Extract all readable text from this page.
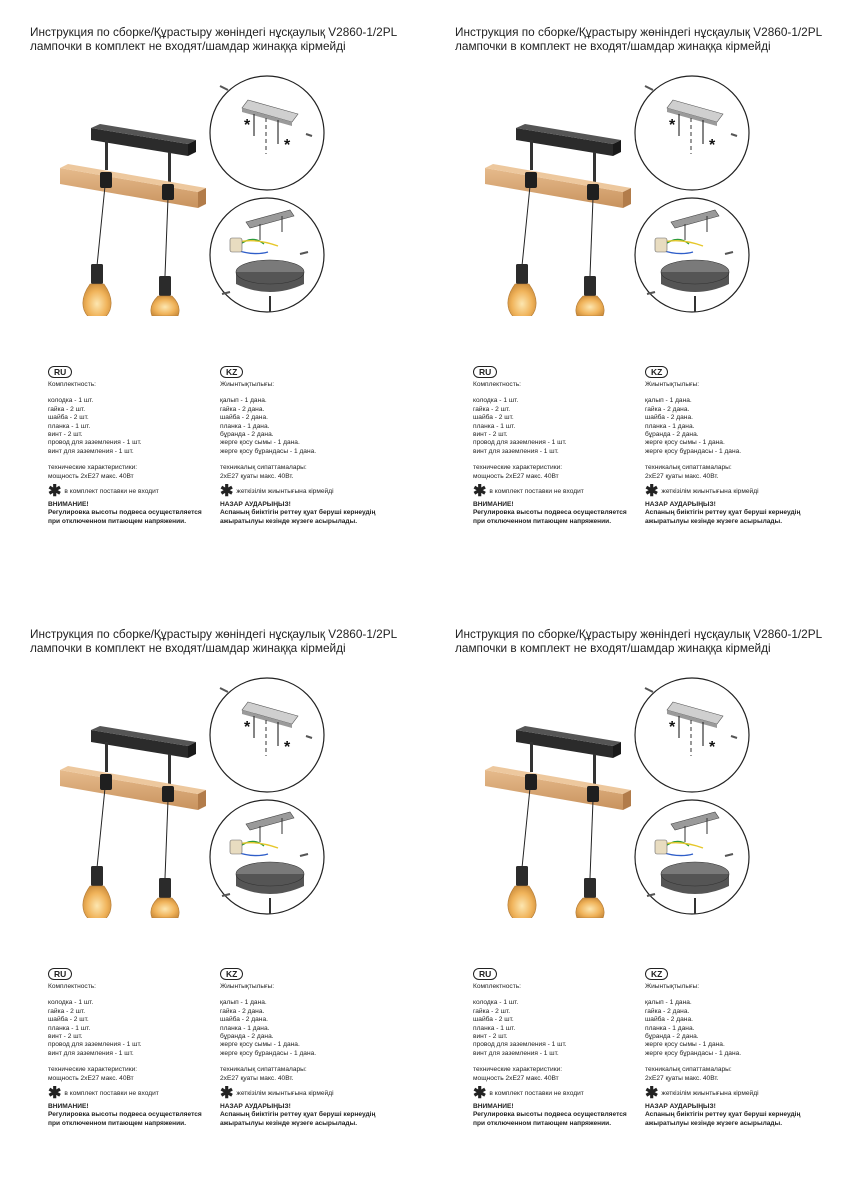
Инструкция по сборке/Құрастыру жөніндегі нұсқаулық V2860-1/2PL
лампочки в комплект не входят/шамдар жинаққа кірмейді
*
*
RU
Комплектность:
колодка - 1 шт.
гайка - 2 шт.
шайба - 2 шт.
планка - 1 шт.
винт - 2 шт.
провод для заземления - 1 шт.
винт для заземления - 1 шт.
технические характеристики:
мощность 2хЕ27 макс. 40Вт
✱ в комплект поставки не входит
ВНИМАНИЕ!
Регулировка высоты подвеса осуществляется
при отключенном питающем напряжении.
KZ
Жиынтықтылығы:
қалып - 1 дана.
гайка - 2 дана.
шайба - 2 дана.
планка - 1 дана.
бұранда - 2 дана.
жерге қосу сымы - 1 дана.
жерге қосу бұрандасы - 1 дана.
техникалық сипаттамалары:
2хЕ27 қуаты макс. 40Вт.
✱ жеткізілім жиынтығына кірмейді
НАЗАР АУДАРЫҢЫЗ!
Аспаның биіктігін реттеу қуат беруші кернеудің
ажыратылуы кезінде жүзеге асырылады.
Инструкция по сборке/Құрастыру жөніндегі нұсқаулық V2860-1/2PL
лампочки в комплект не входят/шамдар жинаққа кірмейді
*
*
RU
Комплектность:
колодка - 1 шт.
гайка - 2 шт.
шайба - 2 шт.
планка - 1 шт.
винт - 2 шт.
провод для заземления - 1 шт.
винт для заземления - 1 шт.
технические характеристики:
мощность 2хЕ27 макс. 40Вт
✱ в комплект поставки не входит
ВНИМАНИЕ!
Регулировка высоты подвеса осуществляется
при отключенном питающем напряжении.
KZ
Жиынтықтылығы:
қалып - 1 дана.
гайка - 2 дана.
шайба - 2 дана.
планка - 1 дана.
бұранда - 2 дана.
жерге қосу сымы - 1 дана.
жерге қосу бұрандасы - 1 дана.
техникалық сипаттамалары:
2хЕ27 қуаты макс. 40Вт.
✱ жеткізілім жиынтығына кірмейді
НАЗАР АУДАРЫҢЫЗ!
Аспаның биіктігін реттеу қуат беруші кернеудің
ажыратылуы кезінде жүзеге асырылады.
Инструкция по сборке/Құрастыру жөніндегі нұсқаулық V2860-1/2PL
лампочки в комплект не входят/шамдар жинаққа кірмейді
*
*
RU
Комплектность:
колодка - 1 шт.
гайка - 2 шт.
шайба - 2 шт.
планка - 1 шт.
винт - 2 шт.
провод для заземления - 1 шт.
винт для заземления - 1 шт.
технические характеристики:
мощность 2хЕ27 макс. 40Вт
✱ в комплект поставки не входит
ВНИМАНИЕ!
Регулировка высоты подвеса осуществляется
при отключенном питающем напряжении.
KZ
Жиынтықтылығы:
қалып - 1 дана.
гайка - 2 дана.
шайба - 2 дана.
планка - 1 дана.
бұранда - 2 дана.
жерге қосу сымы - 1 дана.
жерге қосу бұрандасы - 1 дана.
техникалық сипаттамалары:
2хЕ27 қуаты макс. 40Вт.
✱ жеткізілім жиынтығына кірмейді
НАЗАР АУДАРЫҢЫЗ!
Аспаның биіктігін реттеу қуат беруші кернеудің
ажыратылуы кезінде жүзеге асырылады.
Инструкция по сборке/Құрастыру жөніндегі нұсқаулық V2860-1/2PL
лампочки в комплект не входят/шамдар жинаққа кірмейді
*
*
RU
Комплектность:
колодка - 1 шт.
гайка - 2 шт.
шайба - 2 шт.
планка - 1 шт.
винт - 2 шт.
провод для заземления - 1 шт.
винт для заземления - 1 шт.
технические характеристики:
мощность 2хЕ27 макс. 40Вт
✱ в комплект поставки не входит
ВНИМАНИЕ!
Регулировка высоты подвеса осуществляется
при отключенном питающем напряжении.
KZ
Жиынтықтылығы:
қалып - 1 дана.
гайка - 2 дана.
шайба - 2 дана.
планка - 1 дана.
бұранда - 2 дана.
жерге қосу сымы - 1 дана.
жерге қосу бұрандасы - 1 дана.
техникалық сипаттамалары:
2хЕ27 қуаты макс. 40Вт.
✱ жеткізілім жиынтығына кірмейді
НАЗАР АУДАРЫҢЫЗ!
Аспаның биіктігін реттеу қуат беруші кернеудің
ажыратылуы кезінде жүзеге асырылады.
